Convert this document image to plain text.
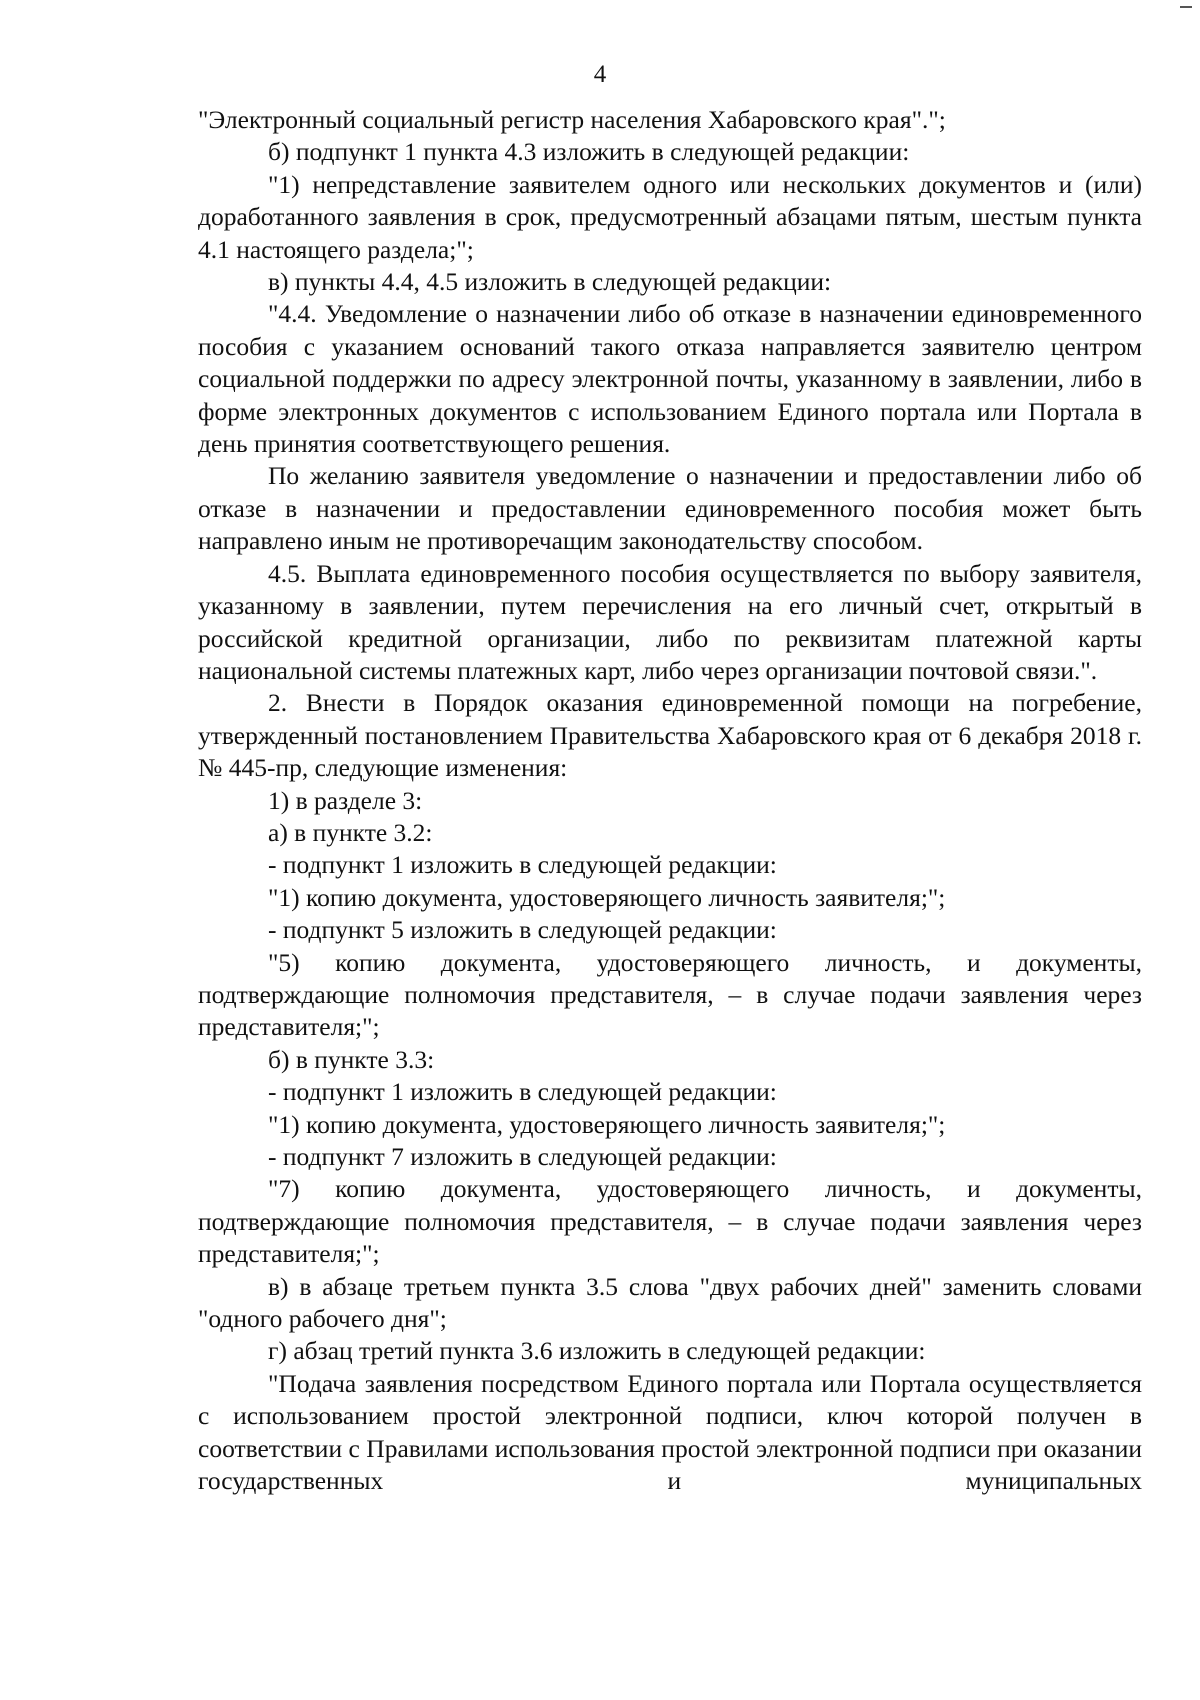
4

"Электронный социальный регистр населения Хабаровского края".";

б) подпункт 1 пункта 4.3 изложить в следующей редакции:

"1) непредставление заявителем одного или нескольких документов и (или) доработанного заявления в срок, предусмотренный абзацами пятым, шестым пункта 4.1 настоящего раздела;";

в) пункты 4.4, 4.5 изложить в следующей редакции:

"4.4. Уведомление о назначении либо об отказе в назначении единовременного пособия с указанием оснований такого отказа направляется заявителю центром социальной поддержки по адресу электронной почты, указанному в заявлении, либо в форме электронных документов с использованием Единого портала или Портала в день принятия соответствующего решения.

По желанию заявителя уведомление о назначении и предоставлении либо об отказе в назначении и предоставлении единовременного пособия может быть направлено иным не противоречащим законодательству способом.

4.5. Выплата единовременного пособия осуществляется по выбору заявителя, указанному в заявлении, путем перечисления на его личный счет, открытый в российской кредитной организации, либо по реквизитам платежной карты национальной системы платежных карт, либо через организации почтовой связи.".

2. Внести в Порядок оказания единовременной помощи на погребение, утвержденный постановлением Правительства Хабаровского края от 6 декабря 2018 г. № 445-пр, следующие изменения:

1) в разделе 3:

а) в пункте 3.2:

- подпункт 1 изложить в следующей редакции:

"1) копию документа, удостоверяющего личность заявителя;";

- подпункт 5 изложить в следующей редакции:

"5) копию документа, удостоверяющего личность, и документы, подтверждающие полномочия представителя, – в случае подачи заявления через представителя;";

б) в пункте 3.3:

- подпункт 1 изложить в следующей редакции:

"1) копию документа, удостоверяющего личность заявителя;";

- подпункт 7 изложить в следующей редакции:

"7) копию документа, удостоверяющего личность, и документы, подтверждающие полномочия представителя, – в случае подачи заявления через представителя;";

в) в абзаце третьем пункта 3.5 слова "двух рабочих дней" заменить словами "одного рабочего дня";

г) абзац третий пункта 3.6 изложить в следующей редакции:

"Подача заявления посредством Единого портала или Портала осуществляется с использованием простой электронной подписи, ключ которой получен в соответствии с Правилами использования простой электронной подписи при оказании государственных и муниципальных
